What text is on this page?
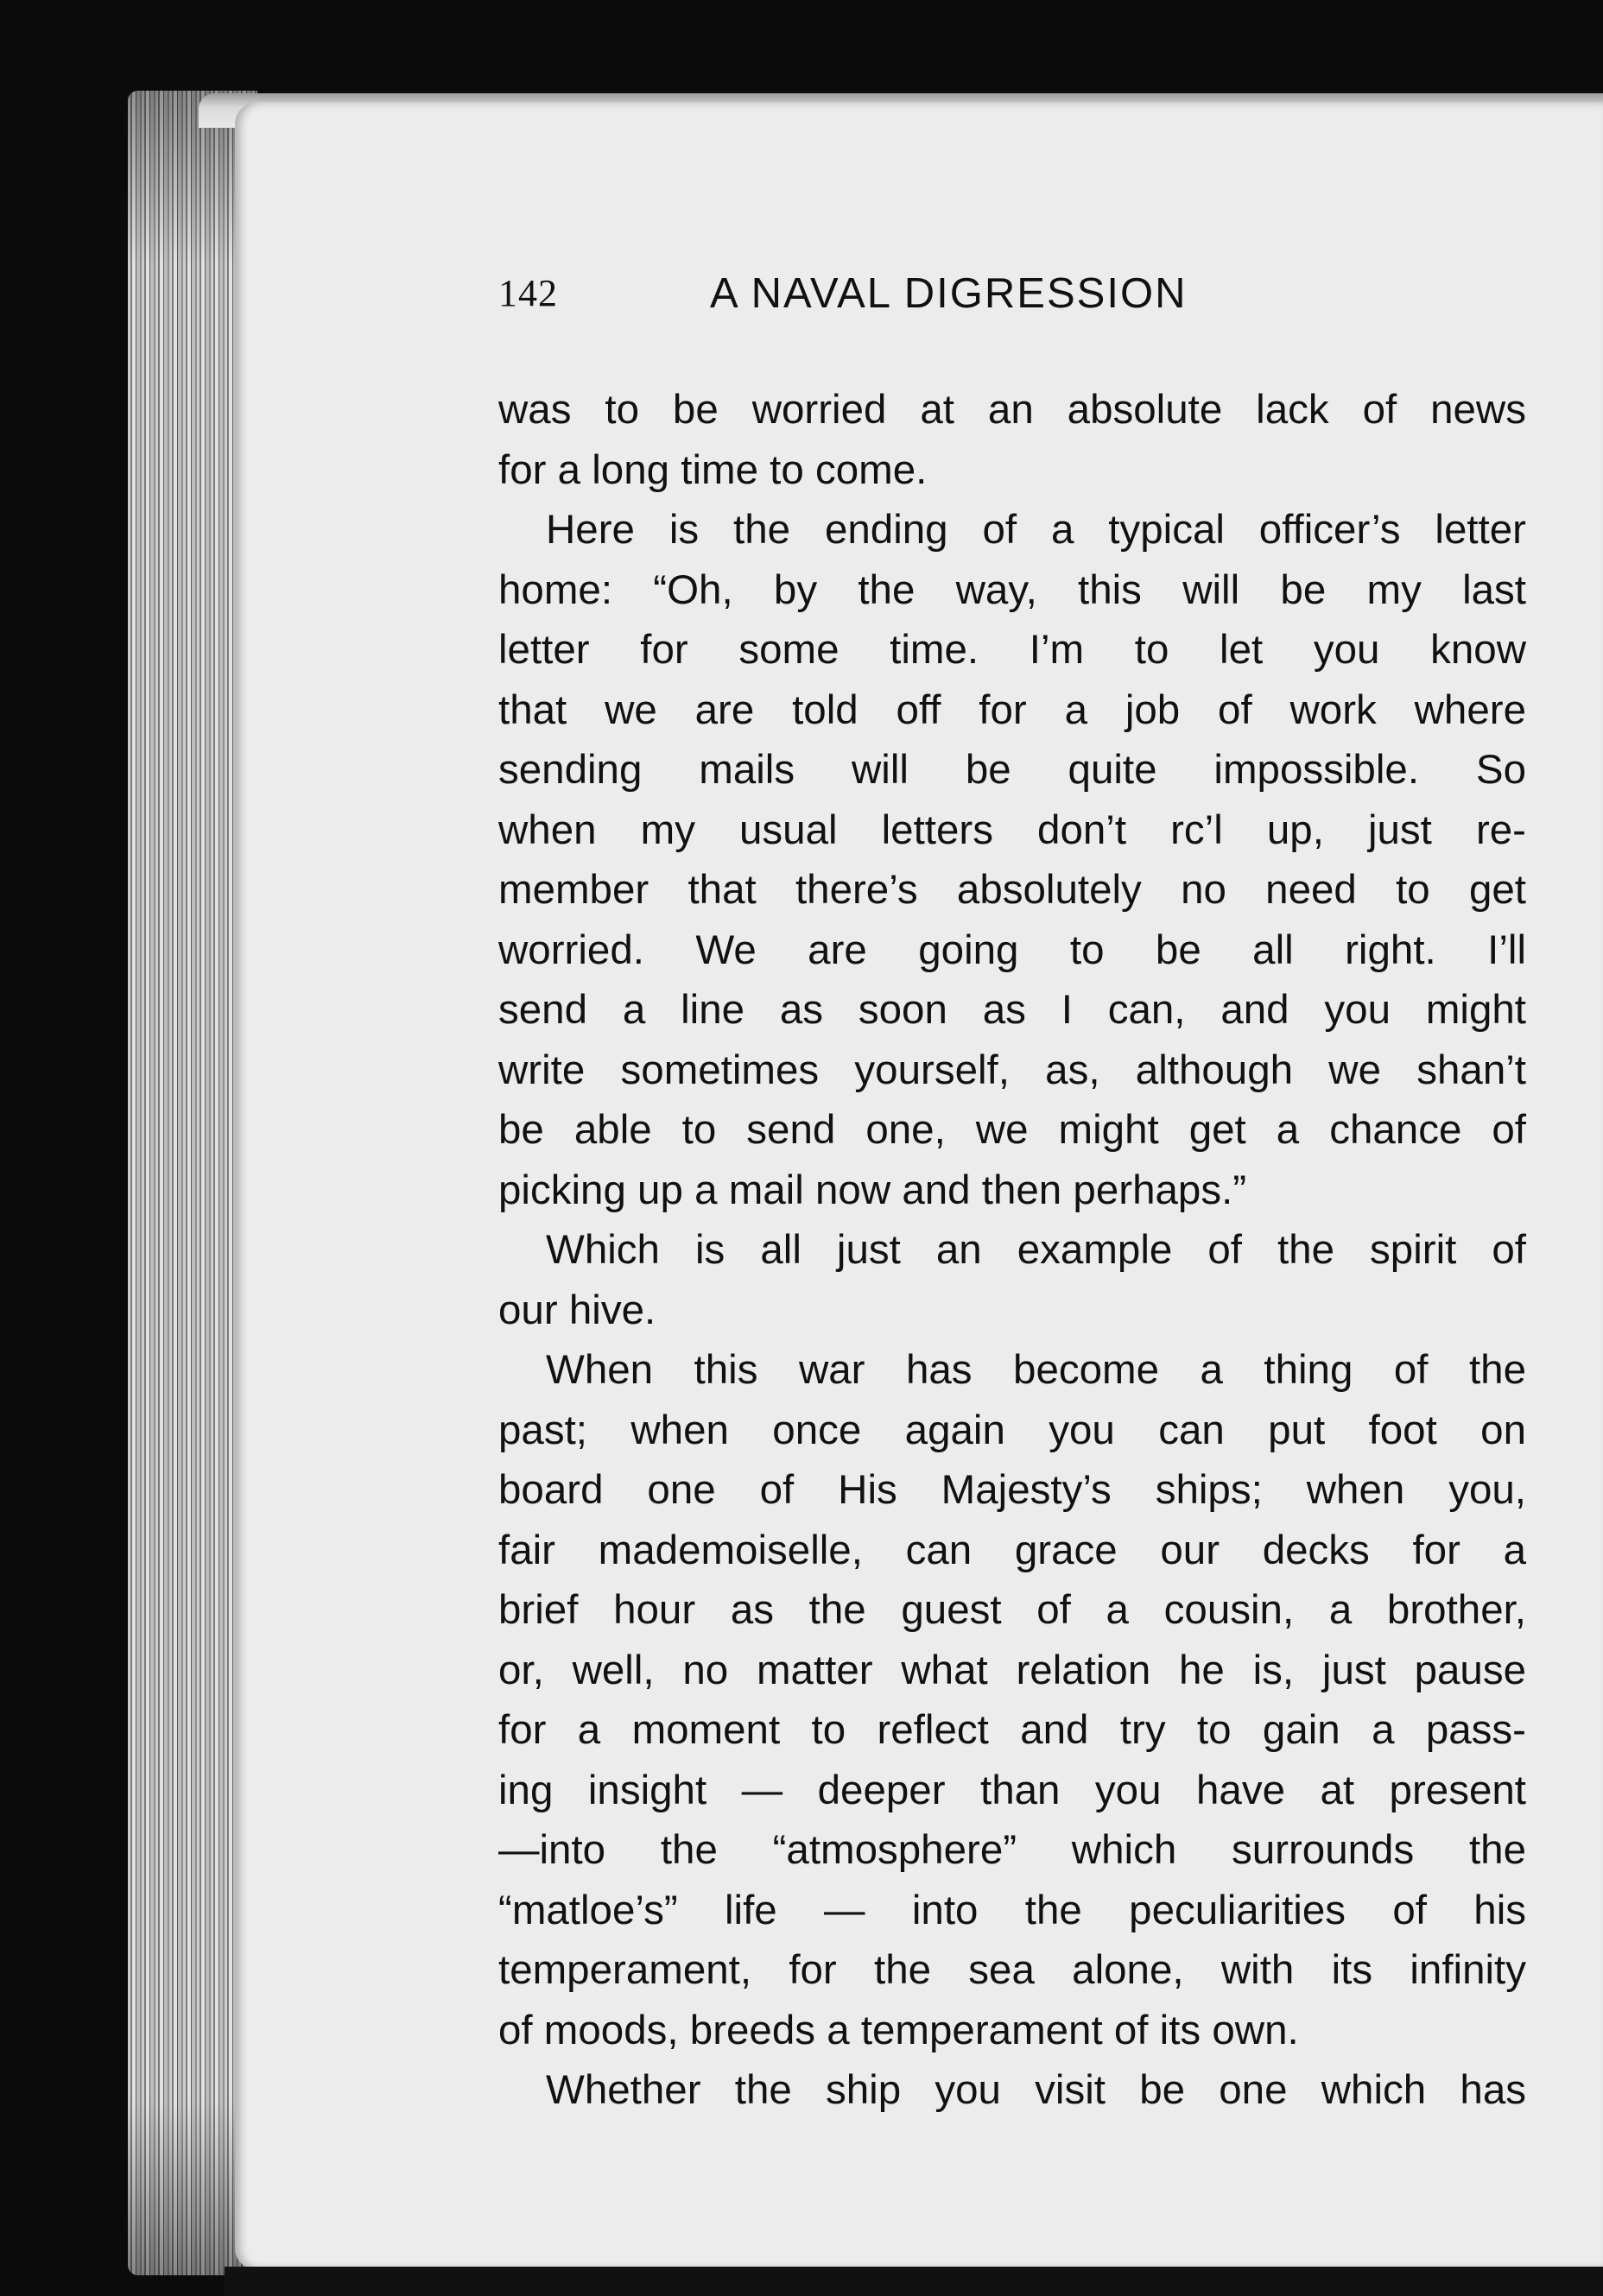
142	A NAVAL DIGRESSION
was to be worried at an absolute lack of news
for a long time to come.
Here is the ending of a typical officer’s letter
home: “Oh, by the way, this will be my last
letter for some time. I’m to let you know
that we are told off for a job of work where
sending mails will be quite impossible. So
when my usual letters don’t rc’l up, just re-
member that there’s absolutely no need to get
worried. We are going to be all right. I’ll
send a line as soon as I can, and you might
write sometimes yourself, as, although we shan’t
be able to send one, we might get a chance of
picking up a mail now and then perhaps.”
Which is all just an example of the spirit of
our hive.
When this war has become a thing of the
past; when once again you can put foot on
board one of His Majesty’s ships; when you,
fair mademoiselle, can grace our decks for a
brief hour as the guest of a cousin, a brother,
or, well, no matter what relation he is, just pause
for a moment to reflect and try to gain a pass-
ing insight — deeper than you have at present
—into the “atmosphere” which surrounds the
“matloe’s” life — into the peculiarities of his
temperament, for the sea alone, with its infinity
of moods, breeds a temperament of its own.
Whether the ship you visit be one which has
